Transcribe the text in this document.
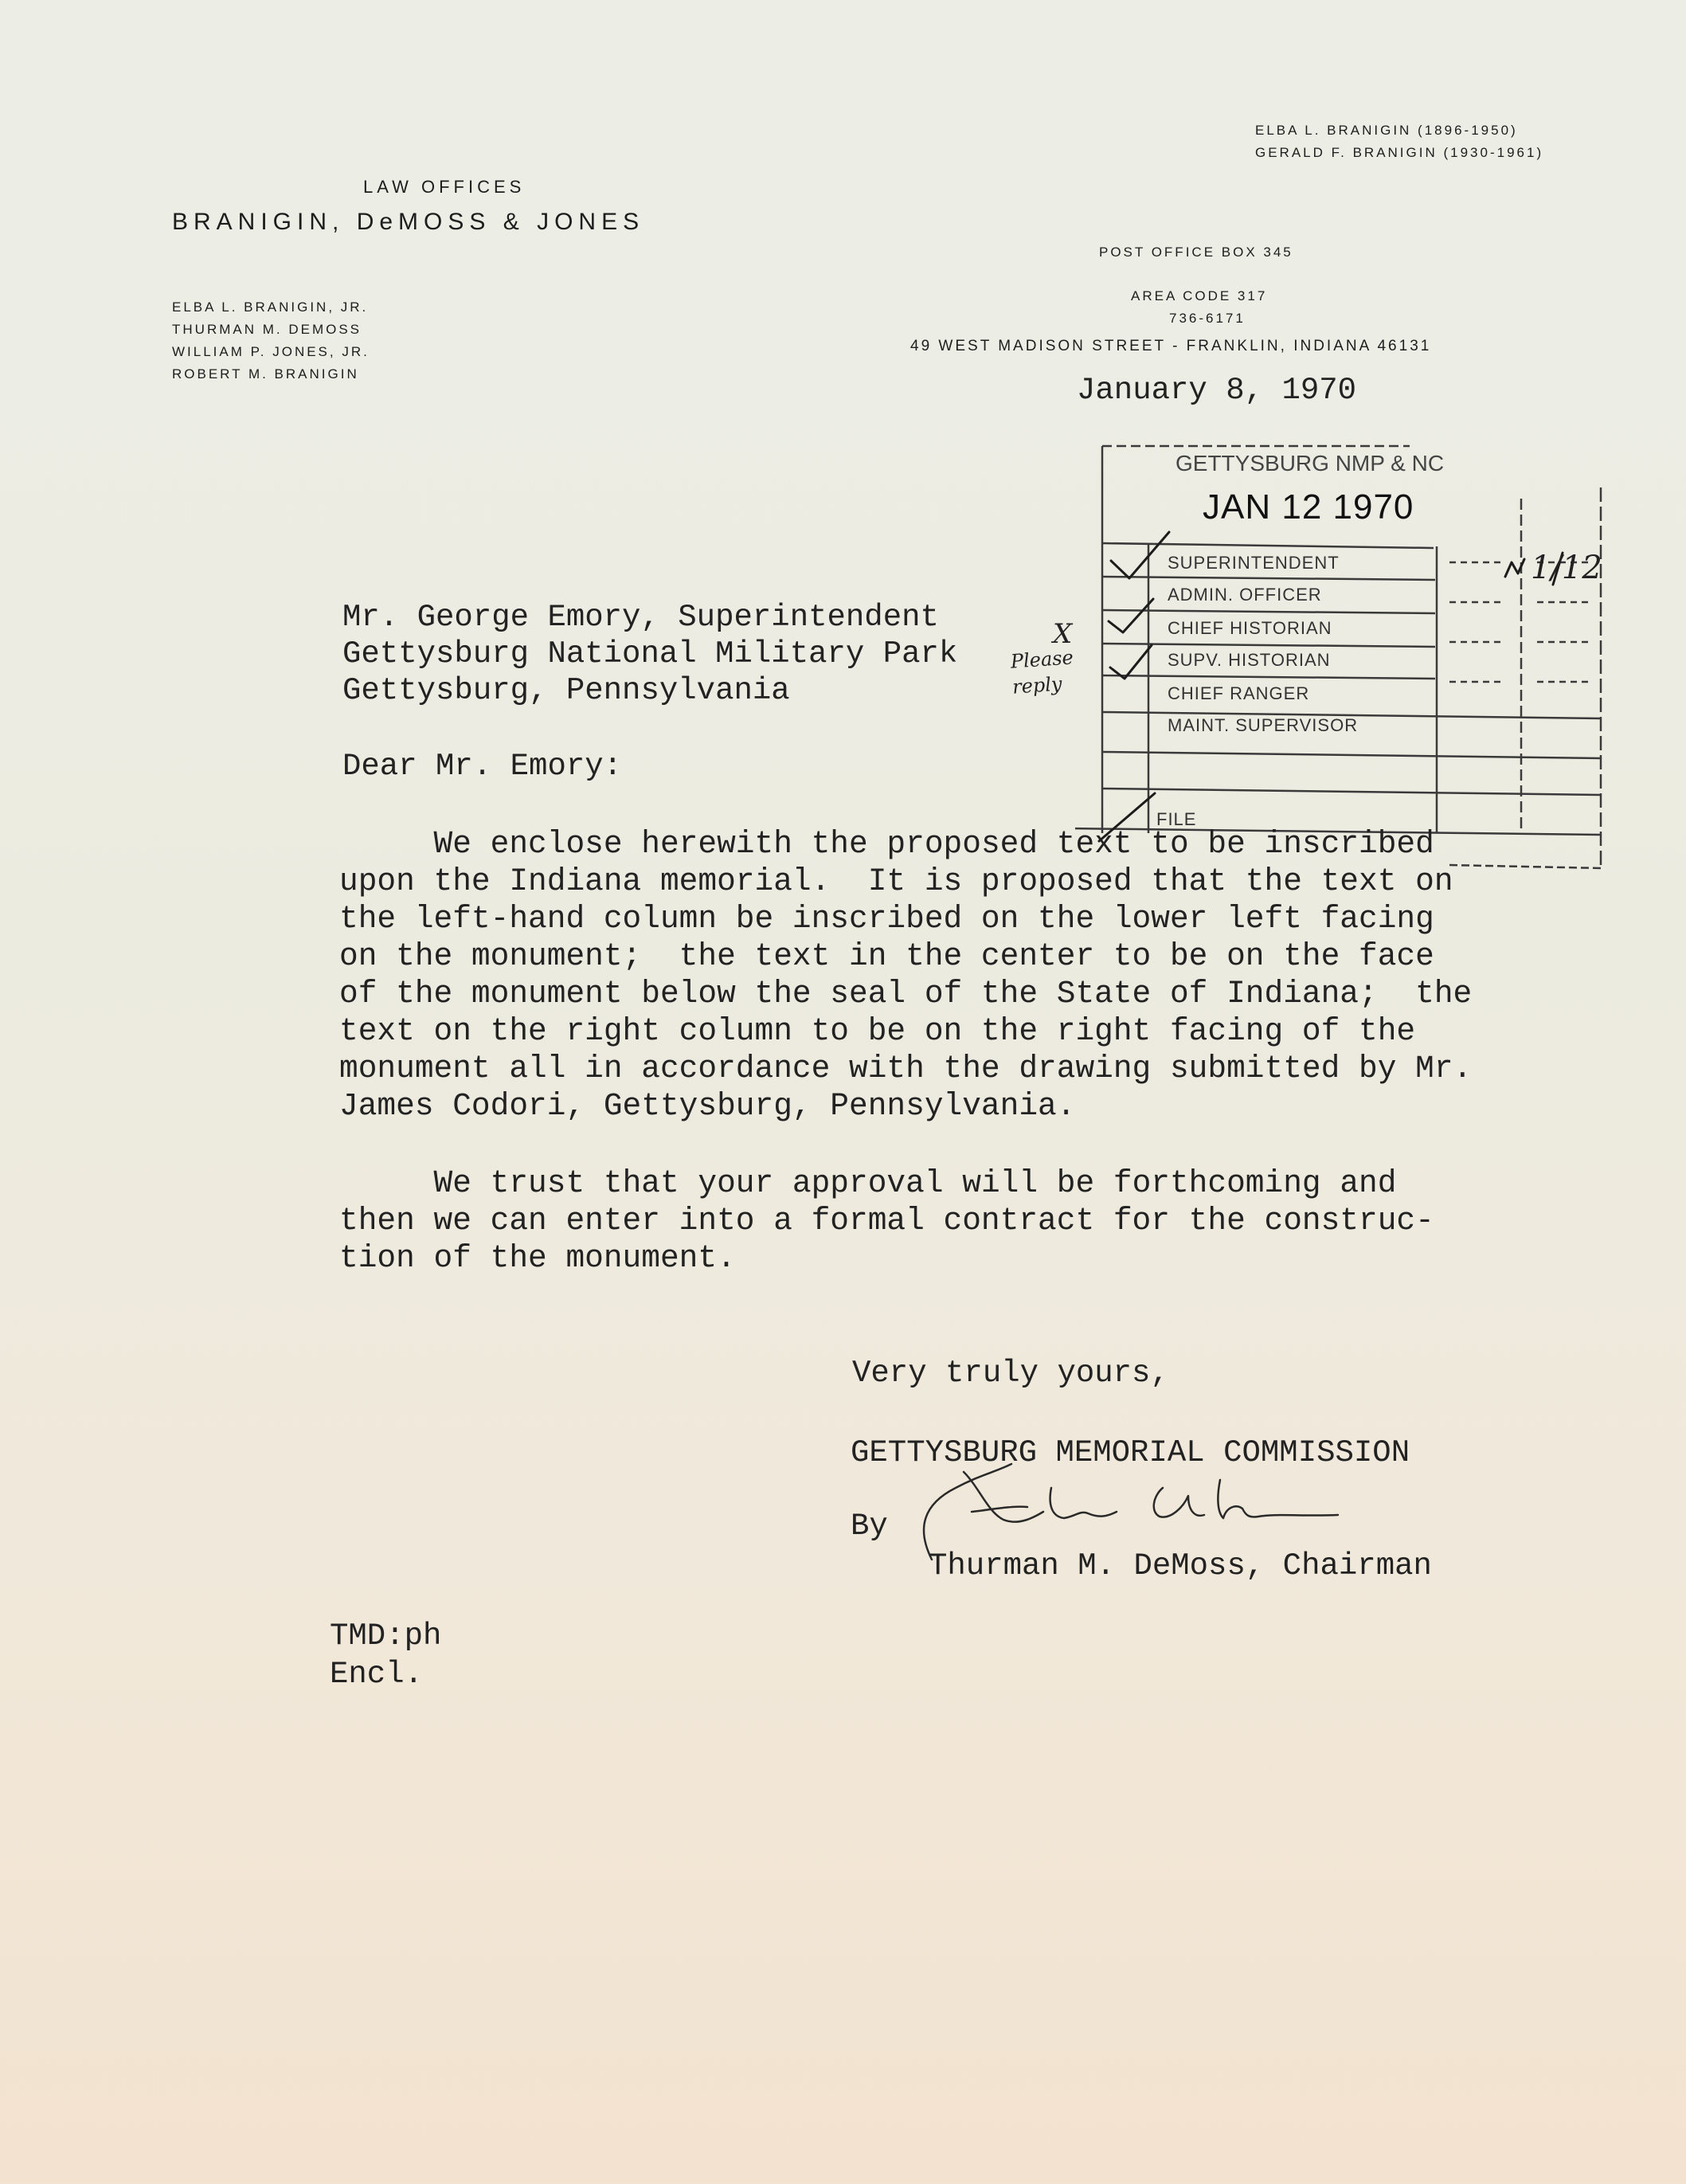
LAW OFFICES
BRANIGIN, DeMOSS & JONES
ELBA L. BRANIGIN, JR.
THURMAN M. DEMOSS
WILLIAM P. JONES, JR.
ROBERT M. BRANIGIN
ELBA L. BRANIGIN (1896-1950)
GERALD F. BRANIGIN (1930-1961)
POST OFFICE BOX 345
AREA CODE 317
736-6171
49 WEST MADISON STREET - FRANKLIN, INDIANA 46131
January 8, 1970
GETTYSBURG NMP & NC
JAN 12 1970
SUPERINTENDENT
ADMIN. OFFICER
CHIEF HISTORIAN
SUPV. HISTORIAN
CHIEF RANGER
MAINT. SUPERVISOR
FILE
1/12
X
Please reply
Mr. George Emory, Superintendent
Gettysburg National Military Park
Gettysburg, Pennsylvania
Dear Mr. Emory:

We enclose herewith the proposed text to be inscribed
upon the Indiana memorial.  It is proposed that the text on
the left-hand column be inscribed on the lower left facing
on the monument;  the text in the center to be on the face
of the monument below the seal of the State of Indiana;  the
text on the right column to be on the right facing of the
monument all in accordance with the drawing submitted by Mr.
James Codori, Gettysburg, Pennsylvania.

We trust that your approval will be forthcoming and
then we can enter into a formal contract for the construc-
tion of the monument.

Very truly yours,
GETTYSBURG MEMORIAL COMMISSION
By
Thurman M. DeMoss, Chairman
TMD:ph
Encl.
